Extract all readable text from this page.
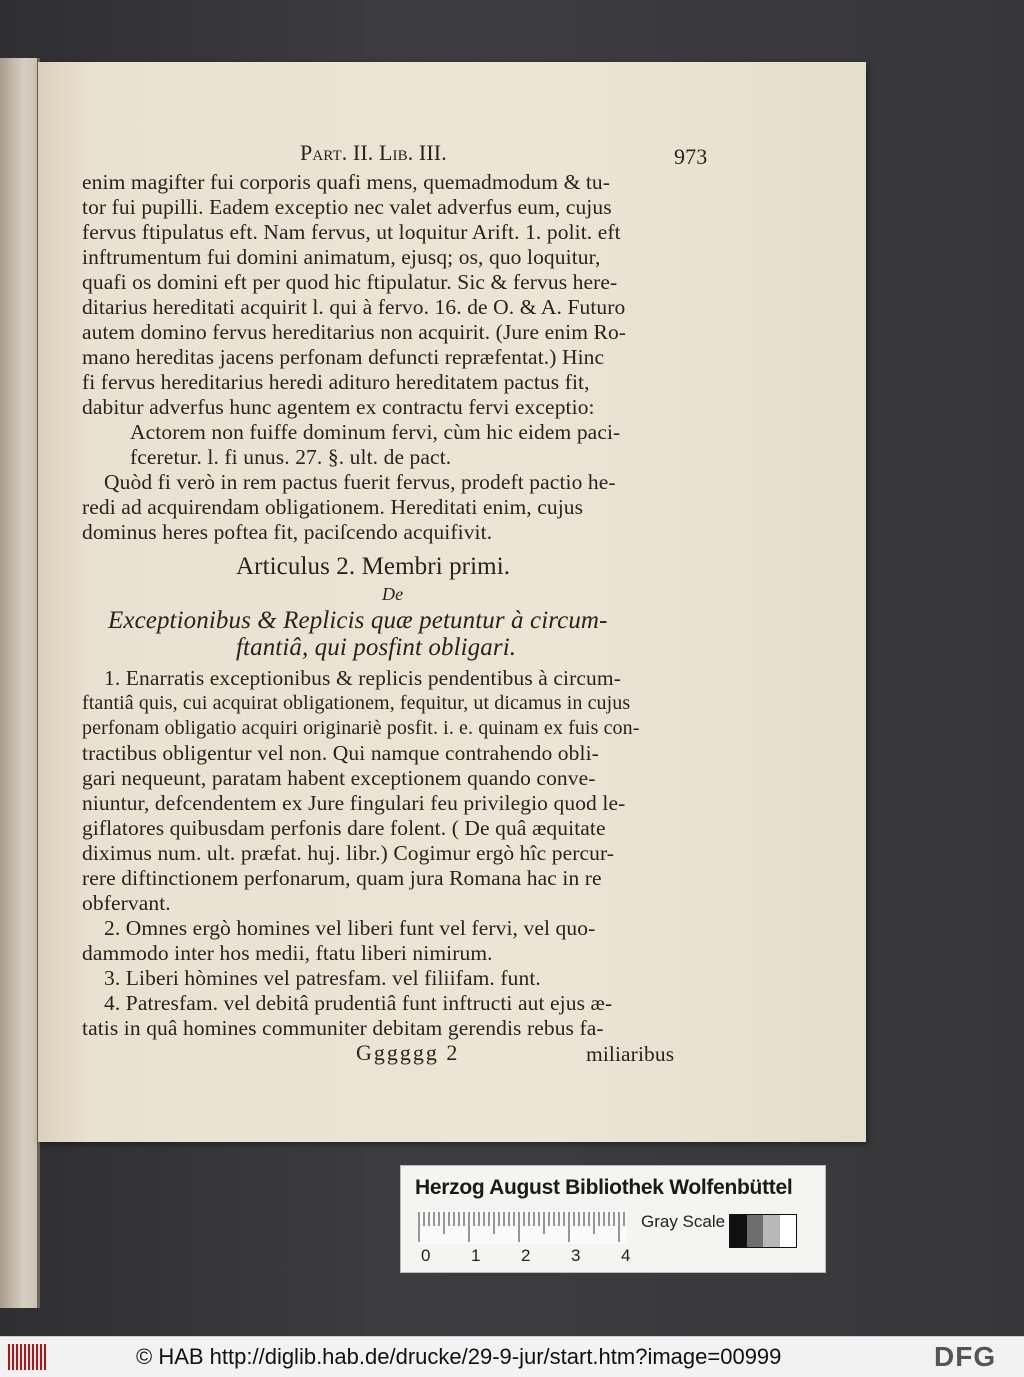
Part. II. Lib. III.	973
enim magifter fui corporis quafi mens, quemadmodum & tu-
tor fui pupilli. Eadem exceptio nec valet adverfus eum, cujus
fervus ftipulatus eft. Nam fervus, ut loquitur Arift. 1. polit. eft
inftrumentum fui domini animatum, ejusq; os, quo loquitur,
quafi os domini eft per quod hic ftipulatur. Sic & fervus here-
ditarius hereditati acquirit l. qui à fervo. 16. de O. & A. Futuro
autem domino fervus hereditarius non acquirit. (Jure enim Ro-
mano hereditas jacens perfonam defuncti repræfentat.) Hinc
fi fervus hereditarius heredi adituro hereditatem pactus fit,
dabitur adverfus hunc agentem ex contractu fervi exceptio:
Actorem non fuiffe dominum fervi, cùm hic eidem paci-
fceretur. l. fi unus. 27. §. ult. de pact.
Quòd fi verò in rem pactus fuerit fervus, prodeft pactio he-
redi ad acquirendam obligationem. Hereditati enim, cujus
dominus heres poftea fit, paciſcendo acquifivit.
Articulus 2. Membri primi.
De
Exceptionibus & Replicis quæ petuntur à circum-
ftantiâ, qui posfint obligari.
1. Enarratis exceptionibus & replicis pendentibus à circum-
ftantiâ quis, cui acquirat obligationem, fequitur, ut dicamus in cujus
perfonam obligatio acquiri originariè posfit. i. e. quinam ex fuis con-
tractibus obligentur vel non. Qui namque contrahendo obli-
gari nequeunt, paratam habent exceptionem quando conve-
niuntur, defcendentem ex Jure fingulari feu privilegio quod le-
giflatores quibusdam perfonis dare folent. ( De quâ æquitate
diximus num. ult. præfat. huj. libr.) Cogimur ergò hîc percur-
rere diftinctionem perfonarum, quam jura Romana hac in re
obfervant.
2. Omnes ergò homines vel liberi funt vel fervi, vel quo-
dammodo inter hos medii, ftatu liberi nimirum.
3. Liberi hòmines vel patresfam. vel filiifam. funt.
4. Patresfam. vel debitâ prudentiâ funt inftructi aut ejus æ-
tatis in quâ homines communiter debitam gerendis rebus fa-
Gggggg 2	miliaribus
Herzog August Bibliothek Wolfenbüttel
0 1 2 3 4
Gray Scale
© HAB http://diglib.hab.de/drucke/29-9-jur/start.htm?image=00999	DFG
